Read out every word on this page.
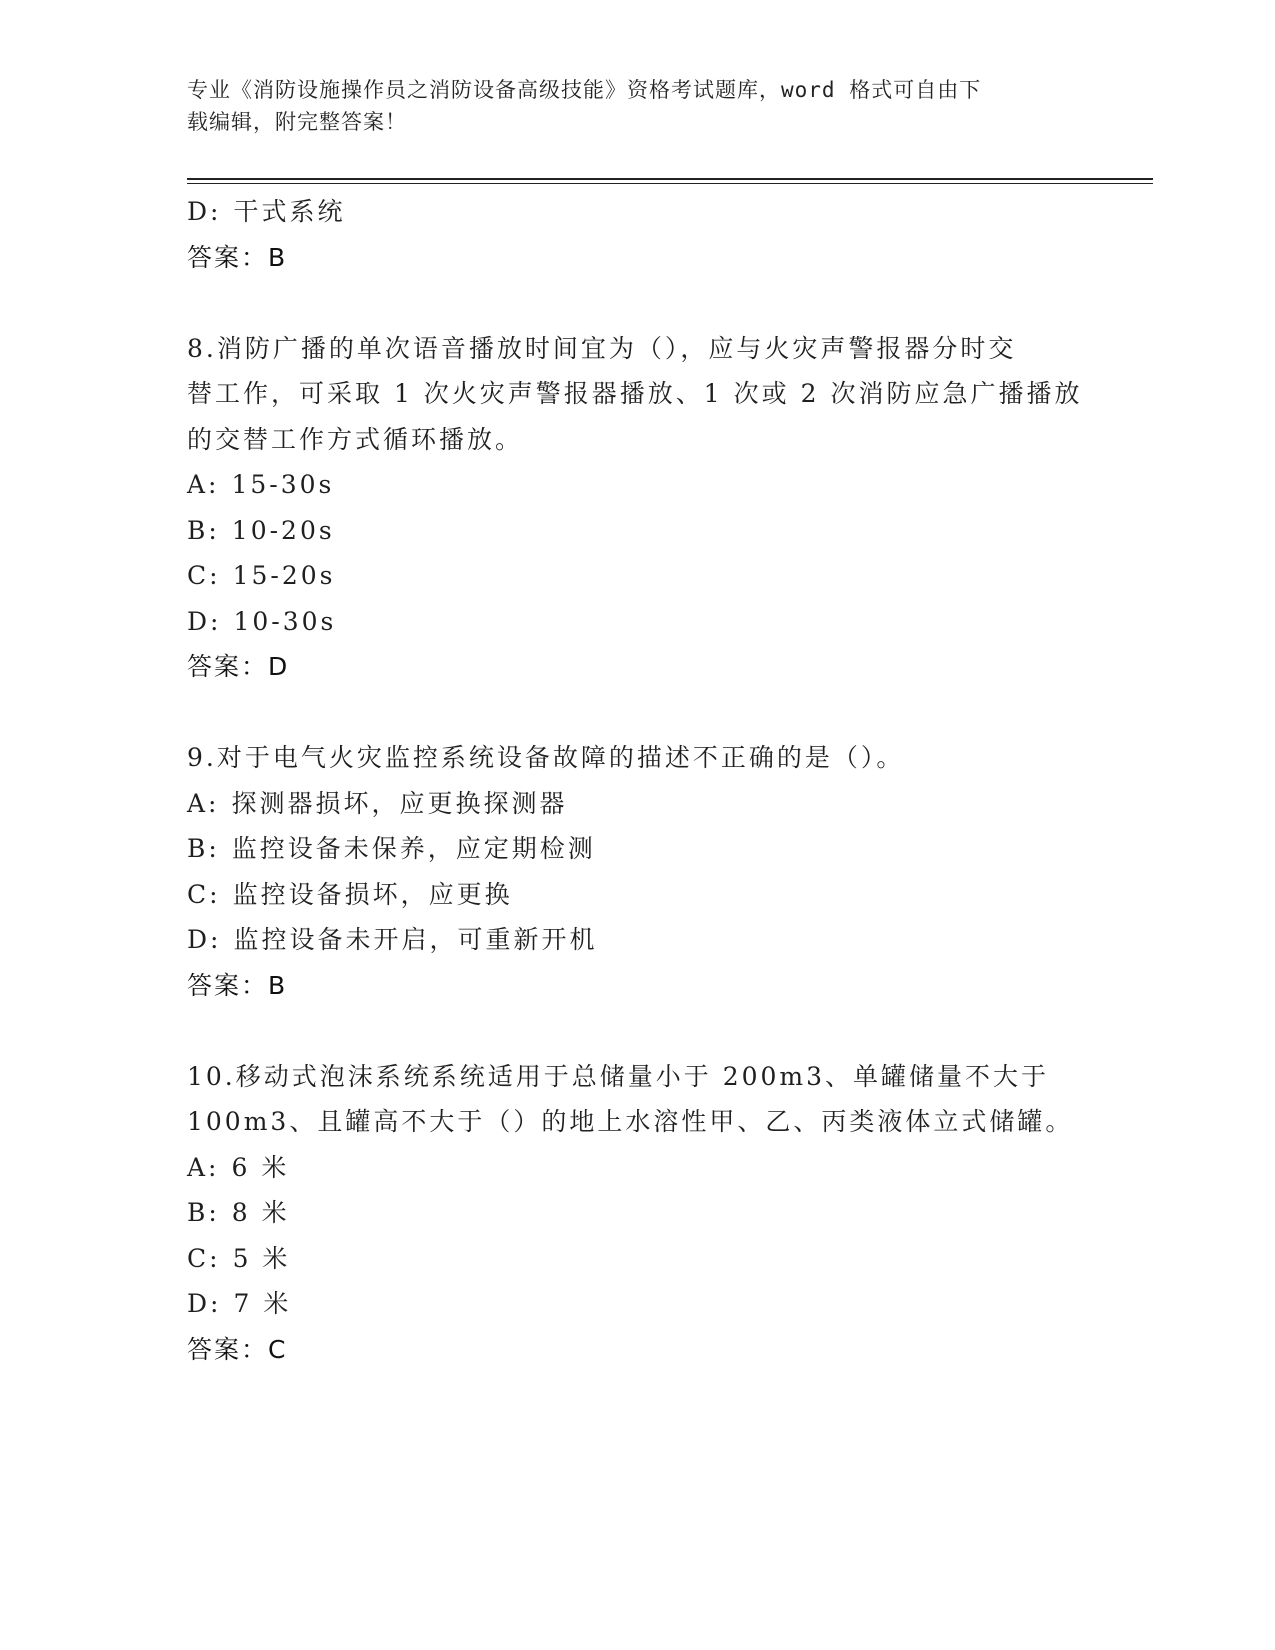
专业《消防设施操作员之消防设备高级技能》资格考试题库，word 格式可自由下
载编辑，附完整答案！
D: 干式系统
答案：B
8.消防广播的单次语音播放时间宜为（），应与火灾声警报器分时交
替工作，可采取 1 次火灾声警报器播放、1 次或 2 次消防应急广播播放
的交替工作方式循环播放。
A: 15-30s
B: 10-20s
C: 15-20s
D: 10-30s
答案：D
9.对于电气火灾监控系统设备故障的描述不正确的是（）。
A: 探测器损坏，应更换探测器
B: 监控设备未保养，应定期检测
C: 监控设备损坏，应更换
D: 监控设备未开启，可重新开机
答案：B
10.移动式泡沫系统系统适用于总储量小于 200m3、单罐储量不大于
100m3、且罐高不大于（）的地上水溶性甲、乙、丙类液体立式储罐。
A: 6 米
B: 8 米
C: 5 米
D: 7 米
答案：C
